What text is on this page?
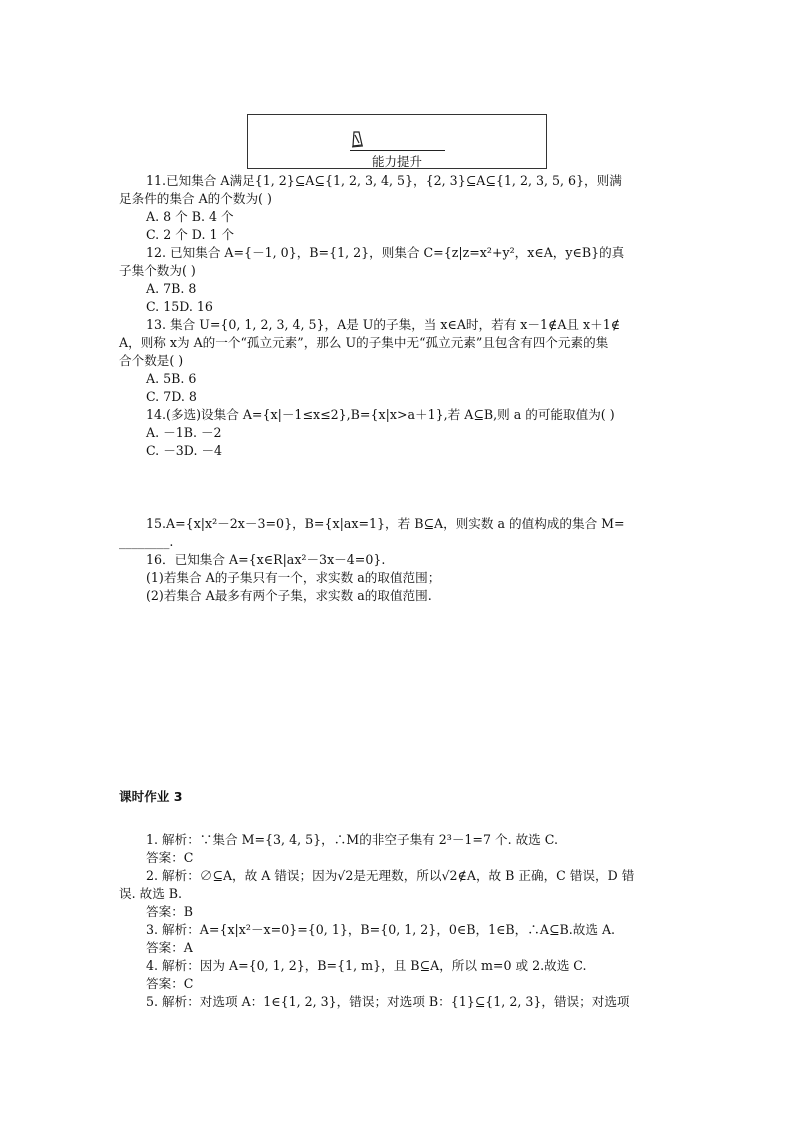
能力提升
11.已知集合 A满足{1, 2}⊆A⊆{1, 2, 3, 4, 5}，{2, 3}⊆A⊆{1, 2, 3, 5, 6}，则满
足条件的集合 A的个数为( )
A. 8 个 B. 4 个
C. 2 个 D. 1 个
12. 已知集合 A={－1, 0}，B={1, 2}，则集合 C={z|z=x²+y²，x∈A，y∈B}的真
子集个数为( )
A. 7B. 8
C. 15D. 16
13. 集合 U={0, 1, 2, 3, 4, 5}，A是 U的子集，当 x∈A时，若有 x－1∉A且 x＋1∉
A，则称 x为 A的一个“孤立元素”，那么 U的子集中无“孤立元素”且包含有四个元素的集
合个数是( )
A. 5B. 6
C. 7D. 8
14.(多选)设集合 A={x|－1≤x≤2},B={x|x>a＋1},若 A⊆B,则 a 的可能取值为( )
A. －1B. －2
C. －3D. －4
15.A={x|x²－2x－3=0}，B={x|ax=1}，若 B⊆A，则实数 a 的值构成的集合 M=
________.
16．已知集合 A={x∈R|ax²－3x－4=0}.
(1)若集合 A的子集只有一个，求实数 a的取值范围；
(2)若集合 A最多有两个子集，求实数 a的取值范围.
课时作业 3
1. 解析：∵集合 M={3, 4, 5}，∴M的非空子集有 2³－1=7 个. 故选 C.
答案：C
2. 解析：∅⊆A，故 A 错误；因为√2是无理数，所以√2∉A，故 B 正确，C 错误，D 错
误. 故选 B.
答案：B
3. 解析：A={x|x²－x=0}={0, 1}，B={0, 1, 2}，0∈B，1∈B，∴A⊆B.故选 A.
答案：A
4. 解析：因为 A={0, 1, 2}，B={1, m}，且 B⊆A，所以 m=0 或 2.故选 C.
答案：C
5. 解析：对选项 A：1∈{1, 2, 3}，错误；对选项 B：{1}⊆{1, 2, 3}，错误；对选项
